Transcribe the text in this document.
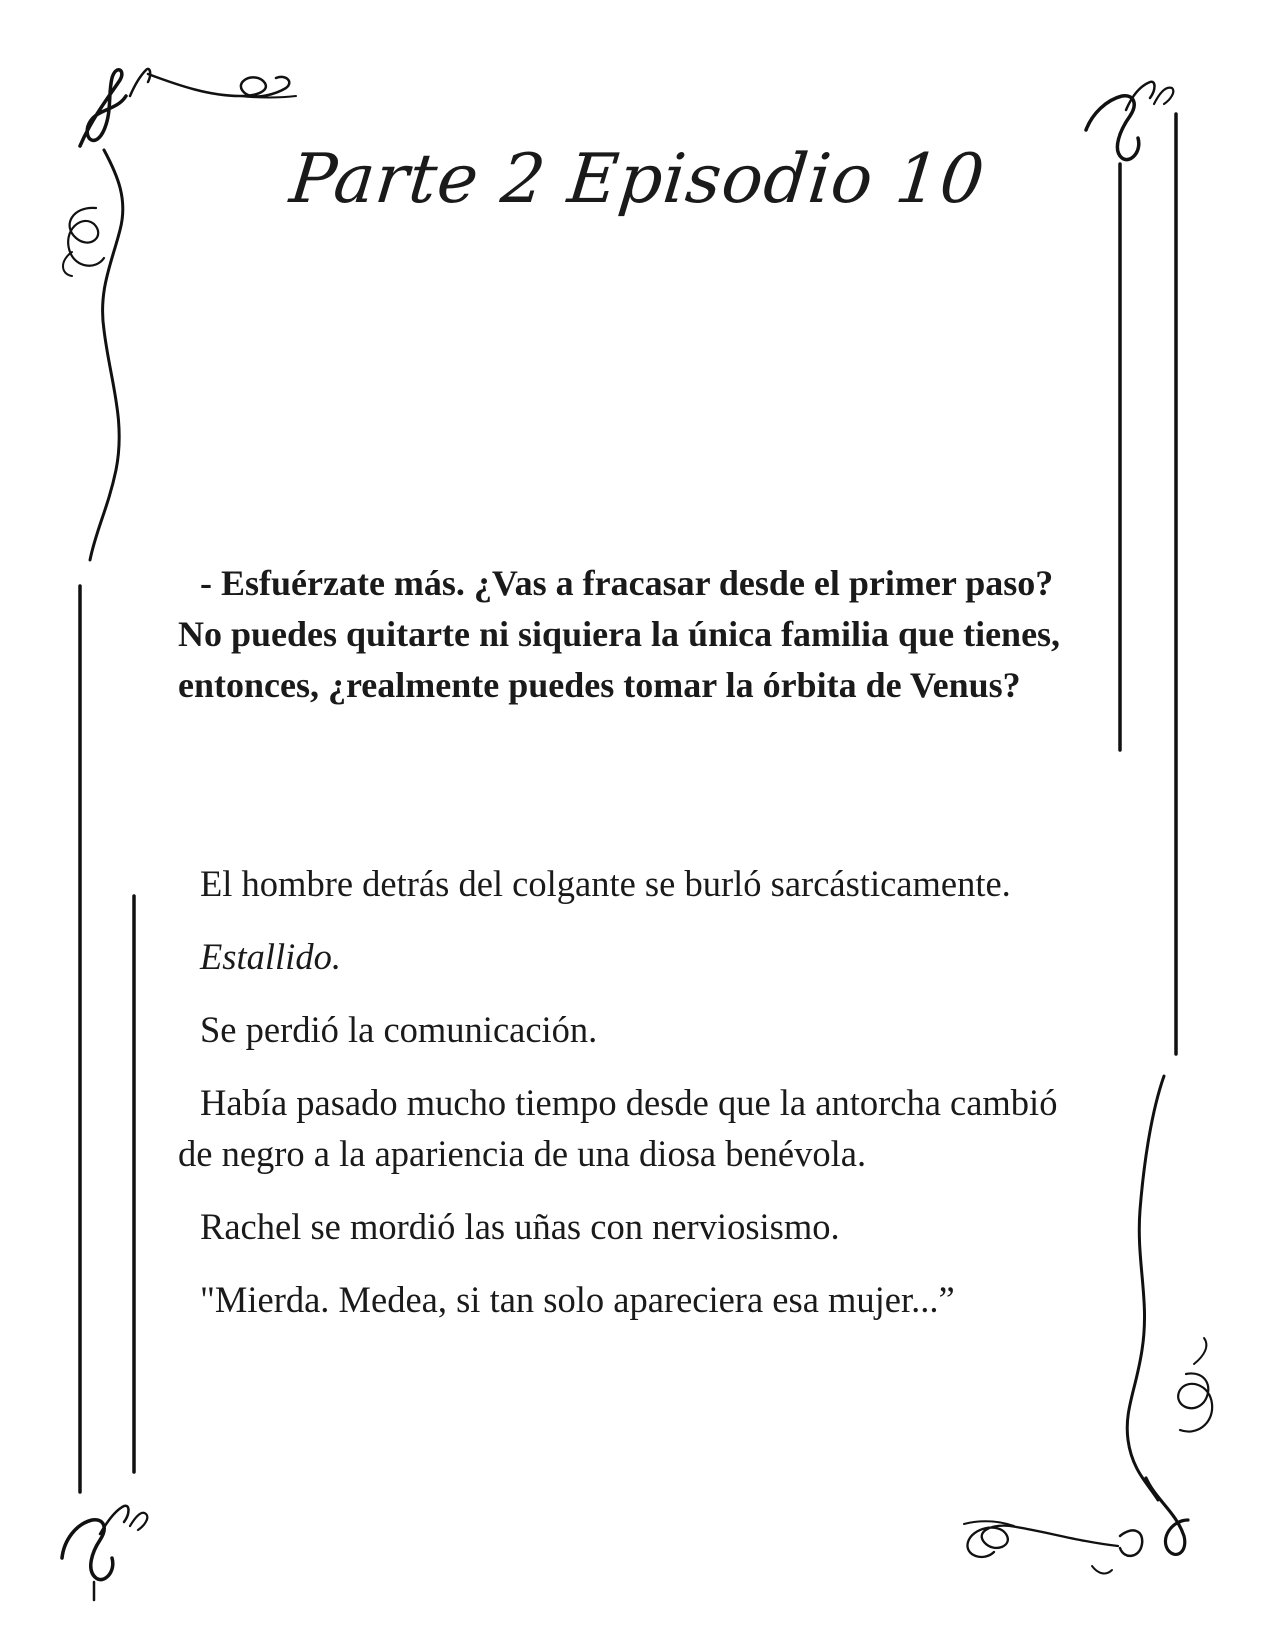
Parte 2 Episodio 10

- Esfuérzate más. ¿Vas a fracasar desde el primer paso? No puedes quitarte ni siquiera la única familia que tienes, entonces, ¿realmente puedes tomar la órbita de Venus?

El hombre detrás del colgante se burló sarcásticamente.

Estallido.

Se perdió la comunicación.

Había pasado mucho tiempo desde que la antorcha cambió de negro a la apariencia de una diosa benévola.

Rachel se mordió las uñas con nerviosismo.

"Mierda. Medea, si tan solo apareciera esa mujer...”
